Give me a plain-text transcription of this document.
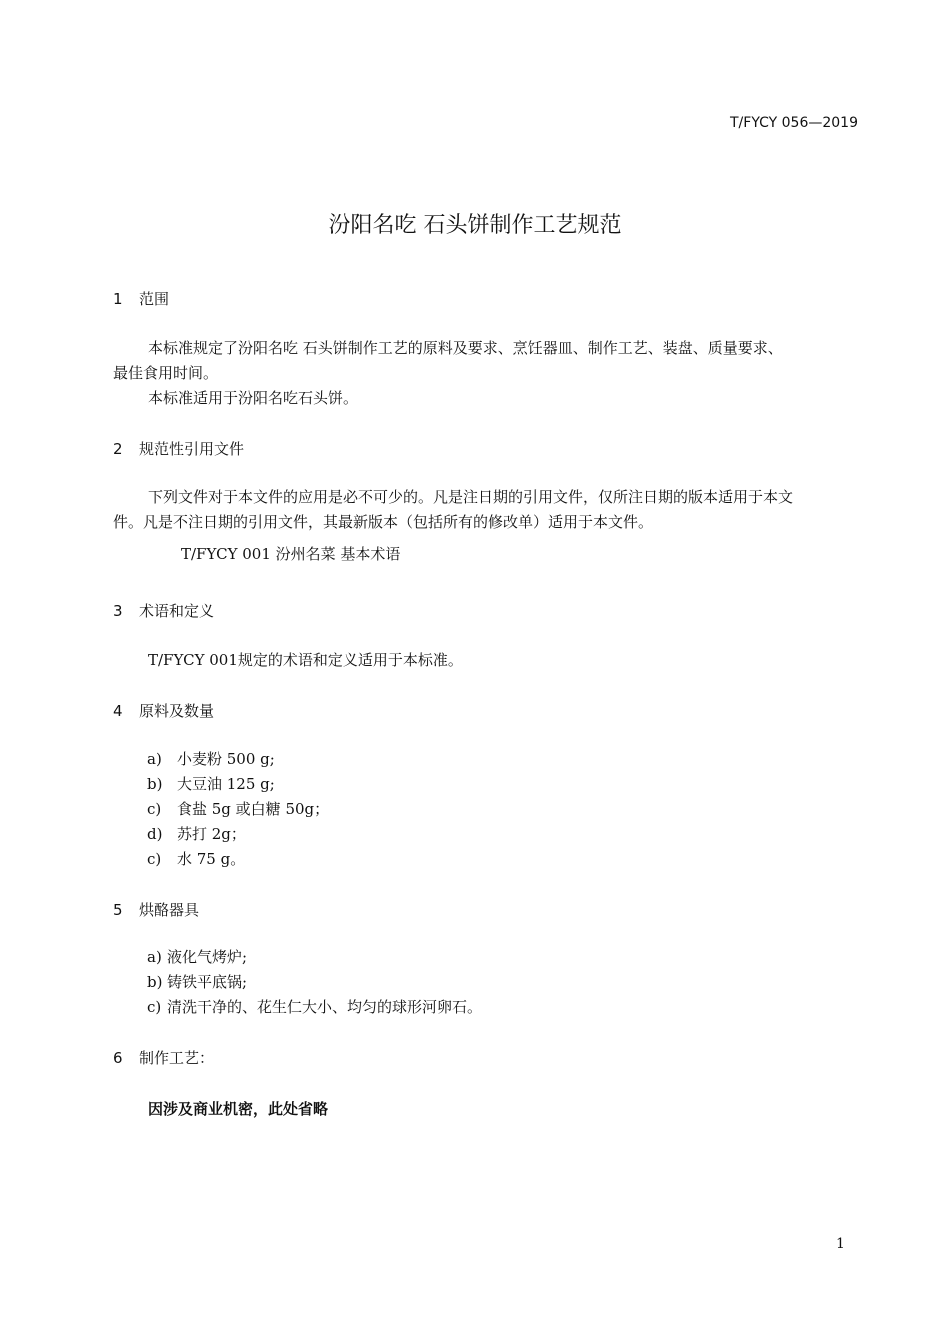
T/FYCY 056—2019
汾阳名吃 石头饼制作工艺规范
1 范围
本标准规定了汾阳名吃 石头饼制作工艺的原料及要求、烹饪器皿、制作工艺、装盘、质量要求、
最佳食用时间。
本标准适用于汾阳名吃石头饼。
2 规范性引用文件
下列文件对于本文件的应用是必不可少的。凡是注日期的引用文件，仅所注日期的版本适用于本文
件。凡是不注日期的引用文件，其最新版本（包括所有的修改单）适用于本文件。
T/FYCY 001 汾州名菜 基本术语
3 术语和定义
T/FYCY 001规定的术语和定义适用于本标准。
4 原料及数量
a) 小麦粉 500 g;
b) 大豆油 125 g;
c) 食盐 5g 或白糖 50g；
d) 苏打 2g；
c) 水 75 g。
5 烘酪器具
a) 液化气烤炉;
b) 铸铁平底锅;
c) 清洗干净的、花生仁大小、均匀的球形河卵石。
6 制作工艺：
因涉及商业机密，此处省略
1
